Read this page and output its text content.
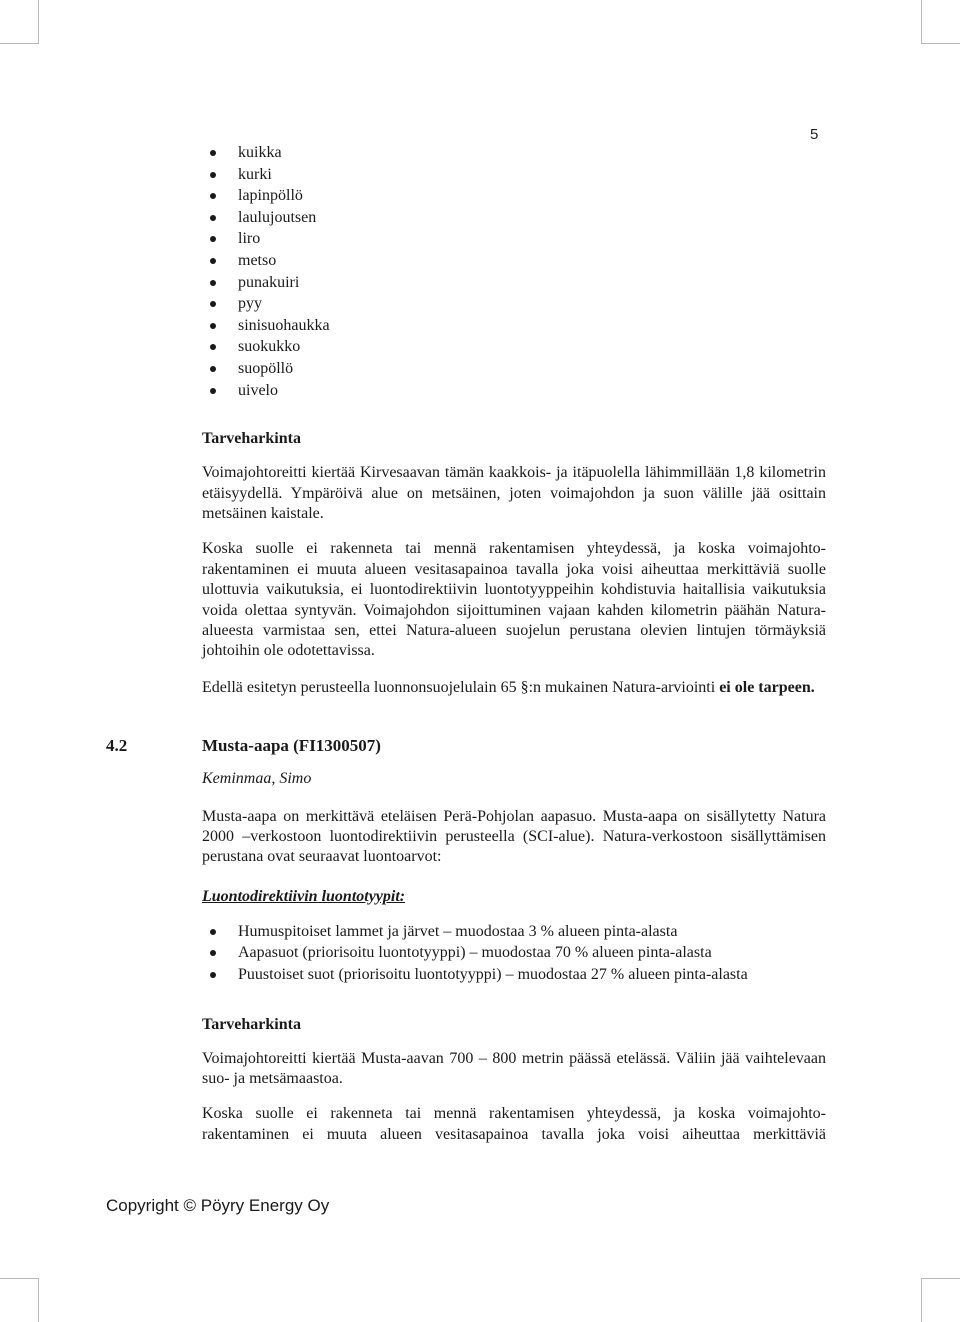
5
kuikka
kurki
lapinpöllö
laulujoutsen
liro
metso
punakuiri
pyy
sinisuohaukka
suokukko
suopöllö
uivelo
Tarveharkinta

Voimajohtoreitti kiertää Kirvesaavan tämän kaakkois- ja itäpuolella lähimmillään 1,8 kilometrin etäisyydellä. Ympäröivä alue on metsäinen, joten voimajohdon ja suon välille jää osittain metsäinen kaistale.

Koska suolle ei rakenneta tai mennä rakentamisen yhteydessä, ja koska voimajohto-rakentaminen ei muuta alueen vesitasapainoa tavalla joka voisi aiheuttaa merkittäviä suolle ulottuvia vaikutuksia, ei luontodirektiivin luontotyyppeihin kohdistuvia haitallisia vaikutuksia voida olettaa syntyvän. Voimajohdon sijoittuminen vajaan kahden kilometrin päähän Natura-alueesta varmistaa sen, ettei Natura-alueen suojelun perustana olevien lintujen törmäyksiä johtoihin ole odotettavissa.

Edellä esitetyn perusteella luonnonsuojelulain 65 §:n mukainen Natura-arviointi ei ole tarpeen.

4.2	Musta-aapa (FI1300507)

Keminmaa, Simo

Musta-aapa on merkittävä eteläisen Perä-Pohjolan aapasuo. Musta-aapa on sisällytetty Natura 2000 –verkostoon luontodirektiivin perusteella (SCI-alue). Natura-verkostoon sisällyttämisen perustana ovat seuraavat luontoarvot:

Luontodirektiivin luontotyypit:

Humuspitoiset lammet ja järvet – muodostaa 3 % alueen pinta-alasta
Aapasuot (priorisoitu luontotyyppi) – muodostaa 70 % alueen pinta-alasta
Puustoiset suot (priorisoitu luontotyyppi) – muodostaa 27 % alueen pinta-alasta
Tarveharkinta

Voimajohtoreitti kiertää Musta-aavan 700 – 800 metrin päässä etelässä. Väliin jää vaihtelevaan suo- ja metsämaastoa.

Koska suolle ei rakenneta tai mennä rakentamisen yhteydessä, ja koska voimajohto-rakentaminen ei muuta alueen vesitasapainoa tavalla joka voisi aiheuttaa merkittäviä

Copyright © Pöyry Energy Oy
